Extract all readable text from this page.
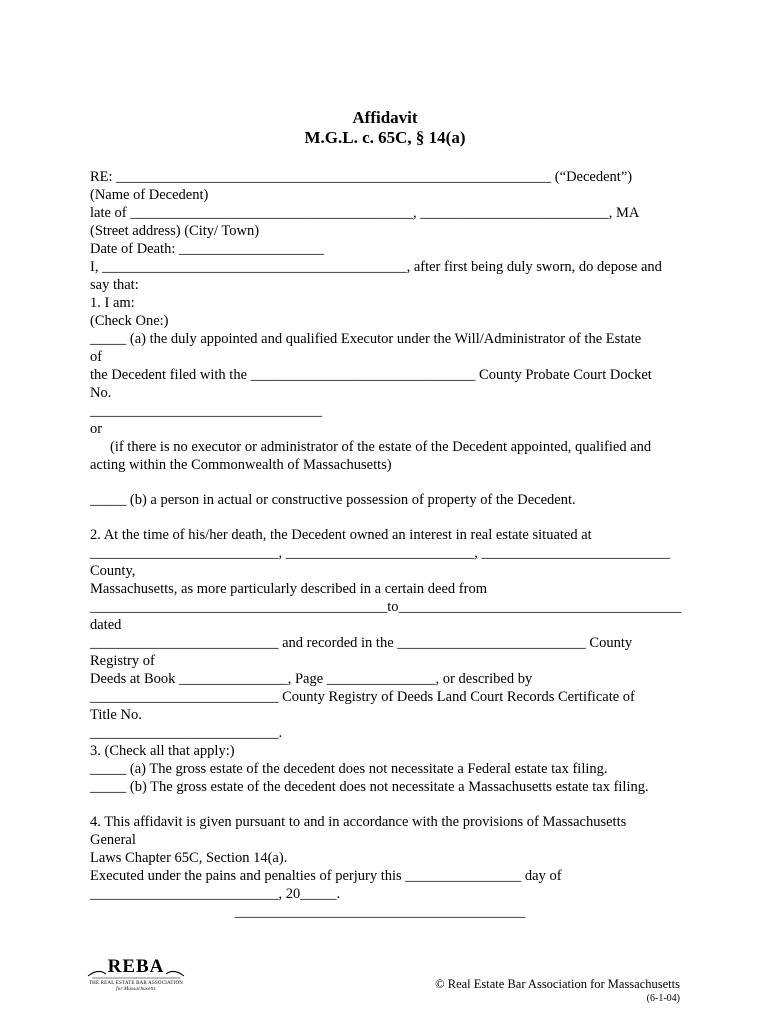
Affidavit
M.G.L. c. 65C, § 14(a)
RE: ____________________________________________________________ (“Decedent”)
(Name of Decedent)
late of _______________________________________, __________________________, MA
(Street address) (City/ Town)
Date of Death: ____________________
I, __________________________________________, after first being duly sworn, do depose and
say that:
1. I am:
(Check One:)
_____ (a) the duly appointed and qualified Executor under the Will/Administrator of the Estate
of
the Decedent filed with the _______________________________ County Probate Court Docket
No.
________________________________
or
(if there is no executor or administrator of the estate of the Decedent appointed, qualified and
acting within the Commonwealth of Massachusetts)
_____ (b) a person in actual or constructive possession of property of the Decedent.
2. At the time of his/her death, the Decedent owned an interest in real estate situated at
__________________________, __________________________, __________________________
County,
Massachusetts, as more particularly described in a certain deed from
_________________________________________to_______________________________________
dated
__________________________ and recorded in the __________________________ County
Registry of
Deeds at Book _______________, Page _______________, or described by
__________________________ County Registry of Deeds Land Court Records Certificate of
Title No.
__________________________.
3. (Check all that apply:)
_____ (a) The gross estate of the decedent does not necessitate a Federal estate tax filing.
_____ (b) The gross estate of the decedent does not necessitate a Massachusetts estate tax filing.
4. This affidavit is given pursuant to and in accordance with the provisions of Massachusetts
General
Laws Chapter 65C, Section 14(a).
Executed under the pains and penalties of perjury this ________________ day of
__________________________, 20_____.
________________________________________
REBA
THE REAL ESTATE BAR ASSOCIATION
for Massachusetts	© Real Estate Bar Association for Massachusetts
(6-1-04)
